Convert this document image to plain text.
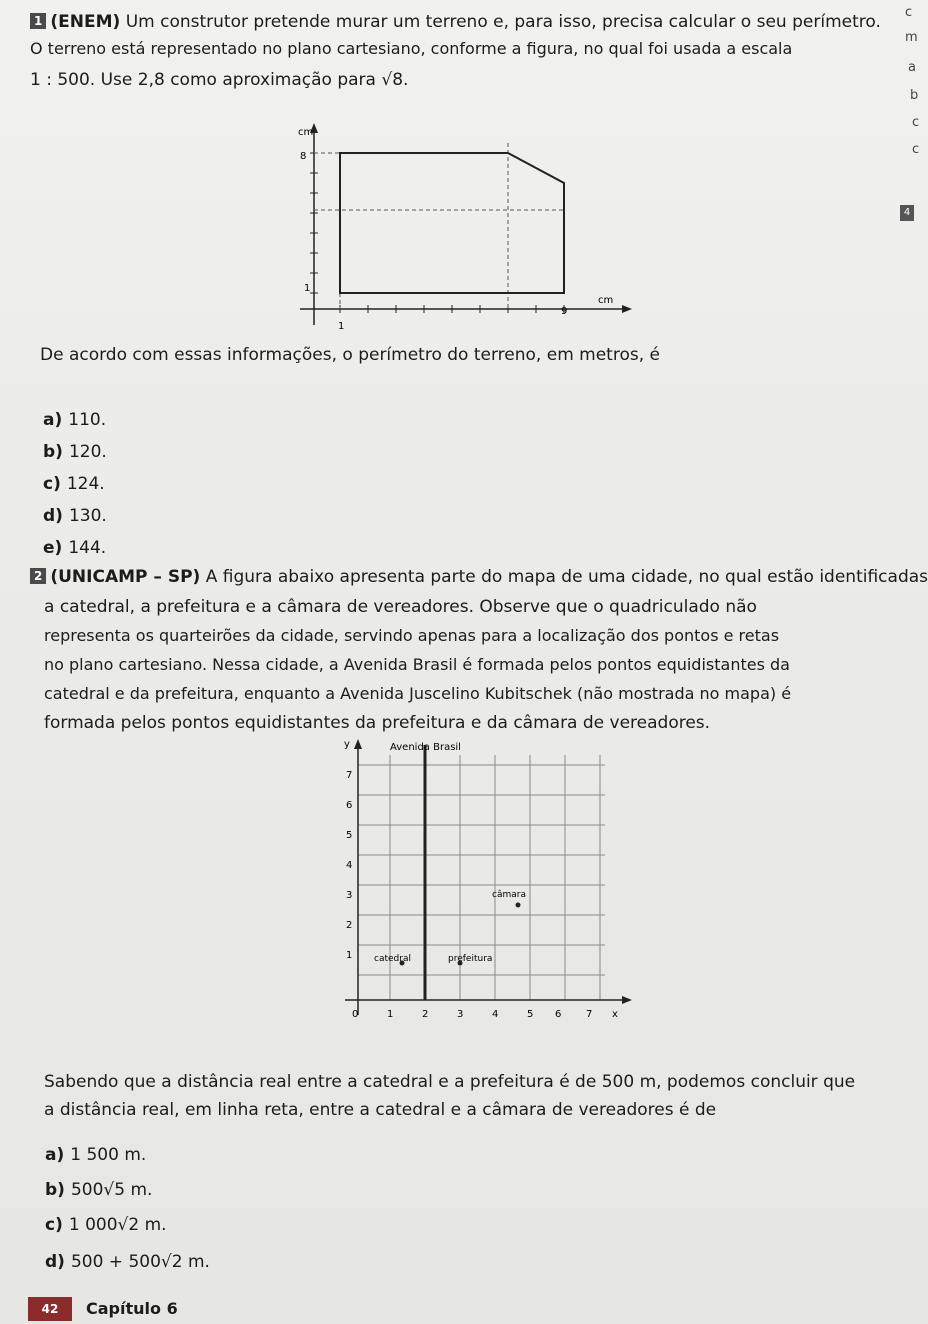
1 (ENEM) Um construtor pretende murar um terreno e, para isso, precisa calcular o seu perímetro.
O terreno está representado no plano cartesiano, conforme a figura, no qual foi usada a escala
1 : 500. Use 2,8 como aproximação para √8.
cm
8
1
1
9
cm
De acordo com essas informações, o perímetro do terreno, em metros, é
a) 110.
b) 120.
c) 124.
d) 130.
e) 144.
2 (UNICAMP – SP) A figura abaixo apresenta parte do mapa de uma cidade, no qual estão identificadas
a catedral, a prefeitura e a câmara de vereadores. Observe que o quadriculado não
representa os quarteirões da cidade, servindo apenas para a localização dos pontos e retas
no plano cartesiano. Nessa cidade, a Avenida Brasil é formada pelos pontos equidistantes da
catedral e da prefeitura, enquanto a Avenida Juscelino Kubitschek (não mostrada no mapa) é
formada pelos pontos equidistantes da prefeitura e da câmara de vereadores.
y	Avenida Brasil
catedral	prefeitura
câmara
7
6
5
4
3
2
1
0	1	2	3	4	5 6 7 x
Sabendo que a distância real entre a catedral e a prefeitura é de 500 m, podemos concluir que
a distância real, em linha reta, entre a catedral e a câmara de vereadores é de
a) 1 500 m.
b) 500√5 m.
c) 1 000√2 m.
d) 500 + 500√2 m.
c
m
a
b
c
c
4
42	Capítulo 6
